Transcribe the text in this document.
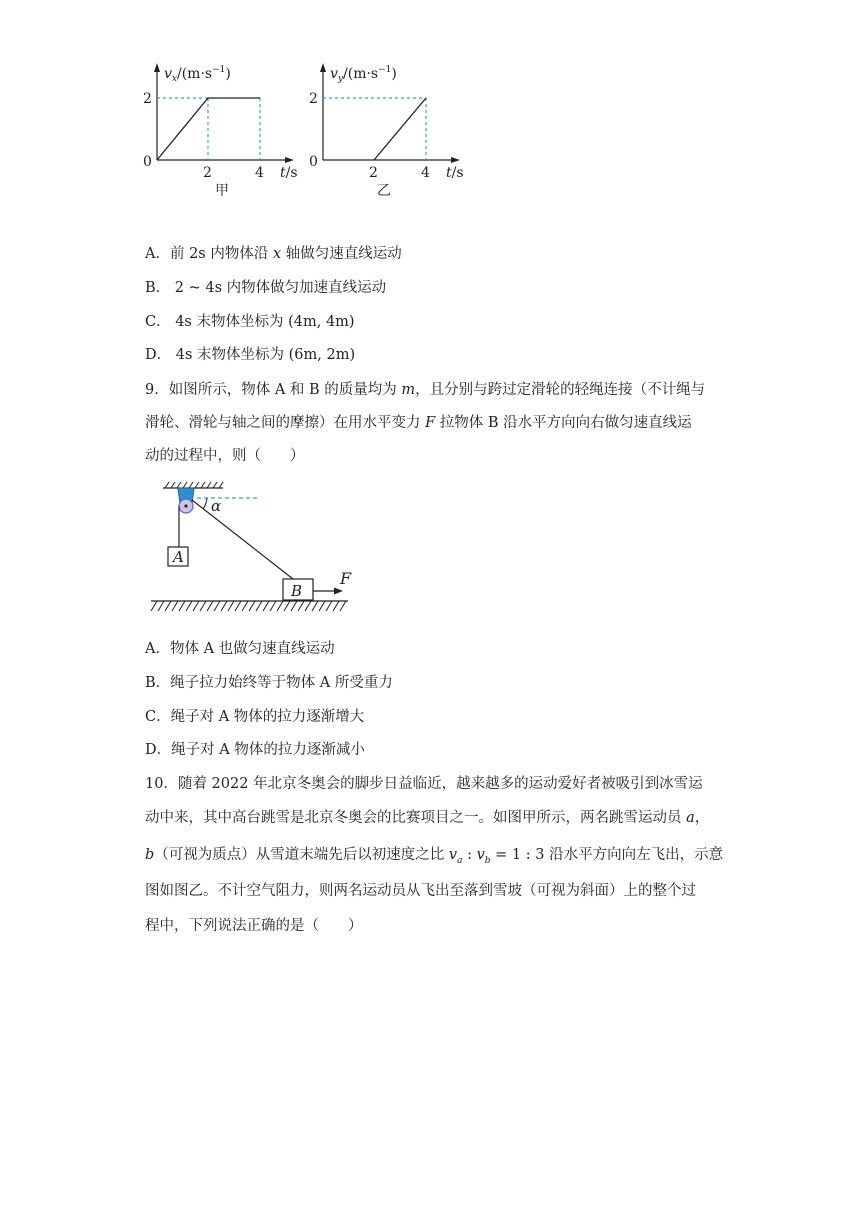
$v_x/(m\cdot s^{-1})$
2
0
2	4 t/s
甲
$v_y/(m\cdot s^{-1})$
2
0
2	4 t/s
乙
A．前 2s 内物体沿 x 轴做匀速直线运动
B． 2 ~ 4s 内物体做匀加速直线运动
C． 4s 末物体坐标为 (4m, 4m)
D． 4s 末物体坐标为 (6m, 2m)
9．如图所示，物体 A 和 B 的质量均为 m，且分别与跨过定滑轮的轻绳连接（不计绳与
滑轮、滑轮与轴之间的摩擦）在用水平变力 F 拉物体 B 沿水平方向向右做匀速直线运
动的过程中，则（　　）
A
α
B
F
A．物体 A 也做匀速直线运动
B．绳子拉力始终等于物体 A 所受重力
C．绳子对 A 物体的拉力逐渐增大
D．绳子对 A 物体的拉力逐渐减小
10．随着 2022 年北京冬奥会的脚步日益临近，越来越多的运动爱好者被吸引到冰雪运
动中来，其中高台跳雪是北京冬奥会的比赛项目之一。如图甲所示，两名跳雪运动员 a，
b（可视为质点）从雪道末端先后以初速度之比 $v_a$ : $v_b = 1$ : 3 沿水平方向向左飞出，示意
图如图乙。不计空气阻力，则两名运动员从飞出至落到雪坡（可视为斜面）上的整个过
程中，下列说法正确的是（　　）
